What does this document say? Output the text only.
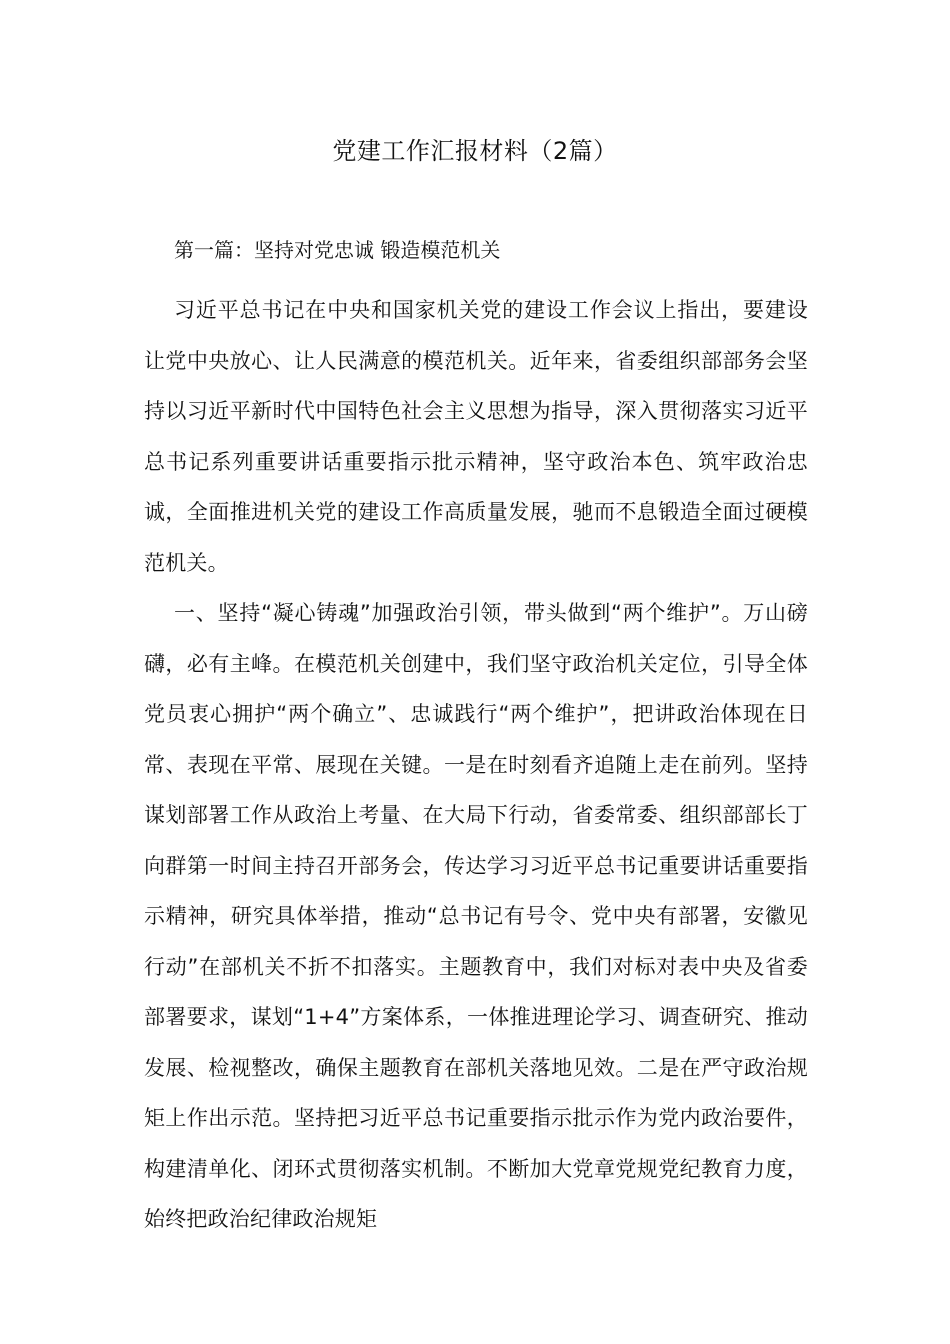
党建工作汇报材料（2篇）

第一篇：坚持对党忠诚 锻造模范机关

习近平总书记在中央和国家机关党的建设工作会议上指出，要建设让党中央放心、让人民满意的模范机关。近年来，省委组织部部务会坚持以习近平新时代中国特色社会主义思想为指导，深入贯彻落实习近平总书记系列重要讲话重要指示批示精神，坚守政治本色、筑牢政治忠诚，全面推进机关党的建设工作高质量发展，驰而不息锻造全面过硬模范机关。

一、坚持“凝心铸魂”加强政治引领，带头做到“两个维护”。万山磅礴，必有主峰。在模范机关创建中，我们坚守政治机关定位，引导全体党员衷心拥护“两个确立”、忠诚践行“两个维护”，把讲政治体现在日常、表现在平常、展现在关键。一是在时刻看齐追随上走在前列。坚持谋划部署工作从政治上考量、在大局下行动，省委常委、组织部部长丁向群第一时间主持召开部务会，传达学习习近平总书记重要讲话重要指示精神，研究具体举措，推动“总书记有号令、党中央有部署，安徽见行动”在部机关不折不扣落实。主题教育中，我们对标对表中央及省委部署要求，谋划“1+4”方案体系，一体推进理论学习、调查研究、推动发展、检视整改，确保主题教育在部机关落地见效。二是在严守政治规矩上作出示范。坚持把习近平总书记重要指示批示作为党内政治要件，构建清单化、闭环式贯彻落实机制。不断加大党章党规党纪教育力度，始终把政治纪律政治规矩
